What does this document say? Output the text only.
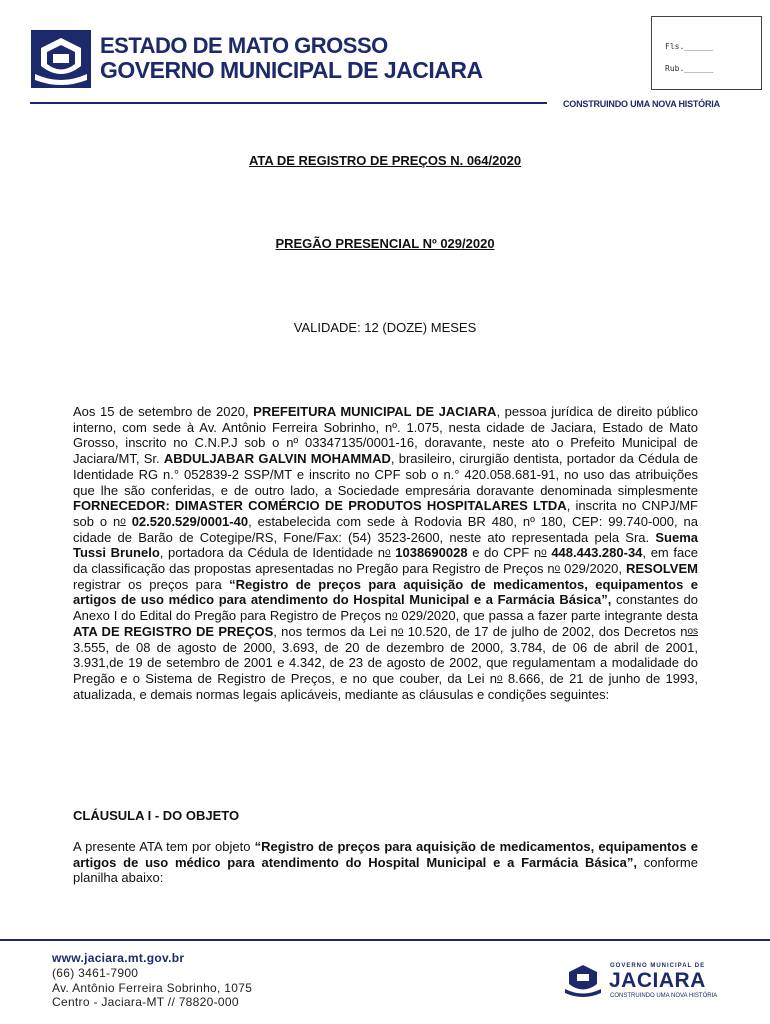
ESTADO DE MATO GROSSO
GOVERNO MUNICIPAL DE JACIARA
Fls.______
Rub.______
CONSTRUINDO UMA NOVA HISTÓRIA
ATA DE REGISTRO DE PREÇOS N. 064/2020
PREGÃO PRESENCIAL Nº 029/2020
VALIDADE: 12 (DOZE) MESES

Aos 15 de setembro de 2020, PREFEITURA MUNICIPAL DE JACIARA, pessoa jurídica de direito público interno, com sede à Av. Antônio Ferreira Sobrinho, nº. 1.075, nesta cidade de Jaciara, Estado de Mato Grosso, inscrito no C.N.P.J sob o nº 03347135/0001-16, doravante, neste ato o Prefeito Municipal de Jaciara/MT, Sr. ABDULJABAR GALVIN MOHAMMAD, brasileiro, cirurgião dentista, portador da Cédula de Identidade RG n.° 052839-2 SSP/MT e inscrito no CPF sob o n.° 420.058.681-91, no uso das atribuições que lhe são conferidas, e de outro lado, a Sociedade empresária doravante denominada simplesmente FORNECEDOR: DIMASTER COMÉRCIO DE PRODUTOS HOSPITALARES LTDA, inscrita no CNPJ/MF sob o $n^o$ 02.520.529/0001-40, estabelecida com sede à Rodovia BR 480, nº 180, CEP: 99.740-000, na cidade de Barão de Cotegipe/RS, Fone/Fax: (54) 3523-2600, neste ato representada pela Sra. Suema Tussi Brunelo, portadora da Cédula de Identidade $n^o$ 1038690028 e do CPF $n^o$ 448.443.280-34, em face da classificação das propostas apresentadas no Pregão para Registro de Preços $n^o$ 029/2020, RESOLVEM registrar os preços para “Registro de preços para aquisição de medicamentos, equipamentos e artigos de uso médico para atendimento do Hospital Municipal e a Farmácia Básica”, constantes do Anexo I do Edital do Pregão para Registro de Preços $n^o$ 029/2020, que passa a fazer parte integrante desta ATA DE REGISTRO DE PREÇOS, nos termos da Lei $n^o$ 10.520, de 17 de julho de 2002, dos Decretos $n^{os}$ 3.555, de 08 de agosto de 2000, 3.693, de 20 de dezembro de 2000, 3.784, de 06 de abril de 2001, 3.931,de 19 de setembro de 2001 e 4.342, de 23 de agosto de 2002, que regulamentam a modalidade do Pregão e o Sistema de Registro de Preços, e no que couber, da Lei $n^o$ 8.666, de 21 de junho de 1993, atualizada, e demais normas legais aplicáveis, mediante as cláusulas e condições seguintes:

CLÁUSULA I - DO OBJETO

A presente ATA tem por objeto “Registro de preços para aquisição de medicamentos, equipamentos e artigos de uso médico para atendimento do Hospital Municipal e a Farmácia Básica”, conforme planilha abaixo:

www.jaciara.mt.gov.br
(66) 3461-7900
Av. Antônio Ferreira Sobrinho, 1075
Centro - Jaciara-MT // 78820-000
GOVERNO MUNICIPAL DE
JACIARA
CONSTRUINDO UMA NOVA HISTÓRIA
